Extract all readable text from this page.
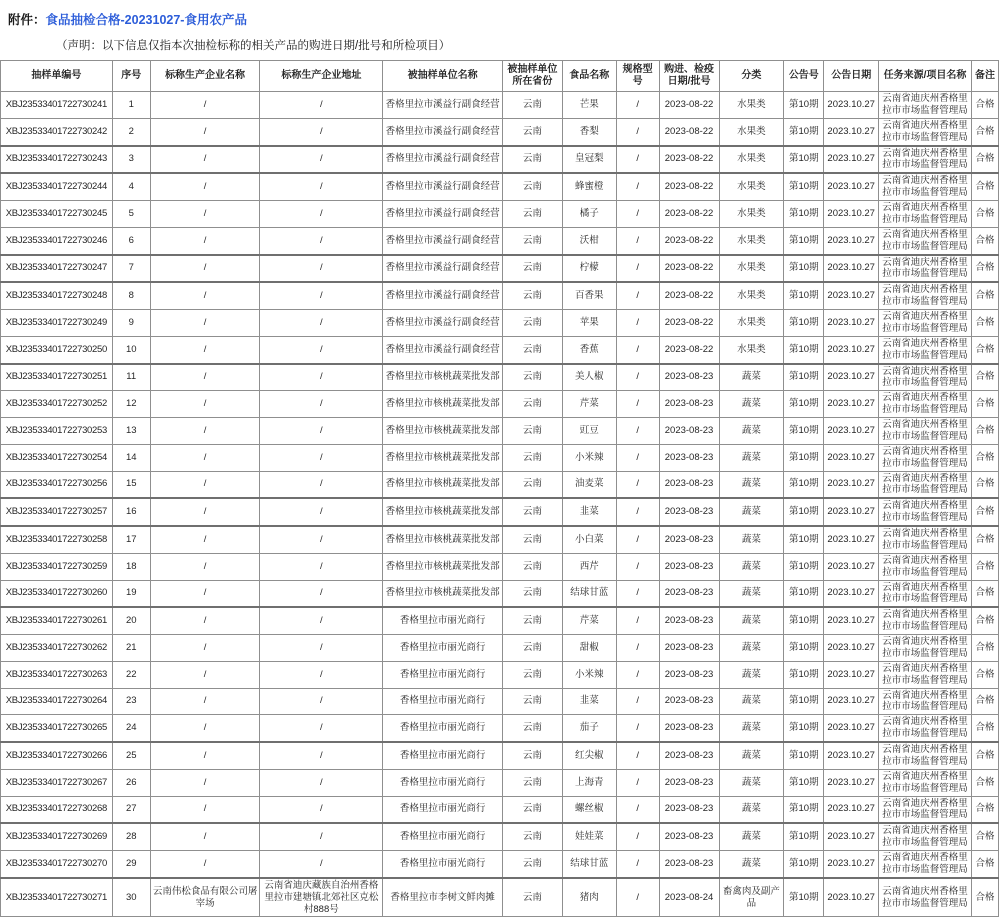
附件：食品抽检合格-20231027-食用农产品
（声明：以下信息仅指本次抽检标称的相关产品的购进日期/批号和所检项目）
抽样单编号	序号	标称生产企业名称	标称生产企业地址	被抽样单位名称	被抽样单位所在省份	食品名称	规格型号	购进、检疫日期/批号	分类	公告号	公告日期	任务来源/项目名称	备注
XBJ23533401722730241	1	/	/	香格里拉市溪益行副食经营	云南	芒果	/	2023-08-22	水果类	第10期	2023.10.27	云南省迪庆州香格里拉市市场监督管理局	合格
XBJ23533401722730242	2	/	/	香格里拉市溪益行副食经营	云南	香梨	/	2023-08-22	水果类	第10期	2023.10.27	云南省迪庆州香格里拉市市场监督管理局	合格
XBJ23533401722730243	3	/	/	香格里拉市溪益行副食经营	云南	皇冠梨	/	2023-08-22	水果类	第10期	2023.10.27	云南省迪庆州香格里拉市市场监督管理局	合格
XBJ23533401722730244	4	/	/	香格里拉市溪益行副食经营	云南	蜂蜜橙	/	2023-08-22	水果类	第10期	2023.10.27	云南省迪庆州香格里拉市市场监督管理局	合格
XBJ23533401722730245	5	/	/	香格里拉市溪益行副食经营	云南	橘子	/	2023-08-22	水果类	第10期	2023.10.27	云南省迪庆州香格里拉市市场监督管理局	合格
XBJ23533401722730246	6	/	/	香格里拉市溪益行副食经营	云南	沃柑	/	2023-08-22	水果类	第10期	2023.10.27	云南省迪庆州香格里拉市市场监督管理局	合格
XBJ23533401722730247	7	/	/	香格里拉市溪益行副食经营	云南	柠檬	/	2023-08-22	水果类	第10期	2023.10.27	云南省迪庆州香格里拉市市场监督管理局	合格
XBJ23533401722730248	8	/	/	香格里拉市溪益行副食经营	云南	百香果	/	2023-08-22	水果类	第10期	2023.10.27	云南省迪庆州香格里拉市市场监督管理局	合格
XBJ23533401722730249	9	/	/	香格里拉市溪益行副食经营	云南	苹果	/	2023-08-22	水果类	第10期	2023.10.27	云南省迪庆州香格里拉市市场监督管理局	合格
XBJ23533401722730250	10	/	/	香格里拉市溪益行副食经营	云南	香蕉	/	2023-08-22	水果类	第10期	2023.10.27	云南省迪庆州香格里拉市市场监督管理局	合格
XBJ23533401722730251	11	/	/	香格里拉市核桃蔬菜批发部	云南	美人椒	/	2023-08-23	蔬菜	第10期	2023.10.27	云南省迪庆州香格里拉市市场监督管理局	合格
XBJ23533401722730252	12	/	/	香格里拉市核桃蔬菜批发部	云南	芹菜	/	2023-08-23	蔬菜	第10期	2023.10.27	云南省迪庆州香格里拉市市场监督管理局	合格
XBJ23533401722730253	13	/	/	香格里拉市核桃蔬菜批发部	云南	豇豆	/	2023-08-23	蔬菜	第10期	2023.10.27	云南省迪庆州香格里拉市市场监督管理局	合格
XBJ23533401722730254	14	/	/	香格里拉市核桃蔬菜批发部	云南	小米辣	/	2023-08-23	蔬菜	第10期	2023.10.27	云南省迪庆州香格里拉市市场监督管理局	合格
XBJ23533401722730256	15	/	/	香格里拉市核桃蔬菜批发部	云南	油麦菜	/	2023-08-23	蔬菜	第10期	2023.10.27	云南省迪庆州香格里拉市市场监督管理局	合格
XBJ23533401722730257	16	/	/	香格里拉市核桃蔬菜批发部	云南	韭菜	/	2023-08-23	蔬菜	第10期	2023.10.27	云南省迪庆州香格里拉市市场监督管理局	合格
XBJ23533401722730258	17	/	/	香格里拉市核桃蔬菜批发部	云南	小白菜	/	2023-08-23	蔬菜	第10期	2023.10.27	云南省迪庆州香格里拉市市场监督管理局	合格
XBJ23533401722730259	18	/	/	香格里拉市核桃蔬菜批发部	云南	西芹	/	2023-08-23	蔬菜	第10期	2023.10.27	云南省迪庆州香格里拉市市场监督管理局	合格
XBJ23533401722730260	19	/	/	香格里拉市核桃蔬菜批发部	云南	结球甘蓝	/	2023-08-23	蔬菜	第10期	2023.10.27	云南省迪庆州香格里拉市市场监督管理局	合格
XBJ23533401722730261	20	/	/	香格里拉市丽光商行	云南	芹菜	/	2023-08-23	蔬菜	第10期	2023.10.27	云南省迪庆州香格里拉市市场监督管理局	合格
XBJ23533401722730262	21	/	/	香格里拉市丽光商行	云南	甜椒	/	2023-08-23	蔬菜	第10期	2023.10.27	云南省迪庆州香格里拉市市场监督管理局	合格
XBJ23533401722730263	22	/	/	香格里拉市丽光商行	云南	小米辣	/	2023-08-23	蔬菜	第10期	2023.10.27	云南省迪庆州香格里拉市市场监督管理局	合格
XBJ23533401722730264	23	/	/	香格里拉市丽光商行	云南	韭菜	/	2023-08-23	蔬菜	第10期	2023.10.27	云南省迪庆州香格里拉市市场监督管理局	合格
XBJ23533401722730265	24	/	/	香格里拉市丽光商行	云南	茄子	/	2023-08-23	蔬菜	第10期	2023.10.27	云南省迪庆州香格里拉市市场监督管理局	合格
XBJ23533401722730266	25	/	/	香格里拉市丽光商行	云南	红尖椒	/	2023-08-23	蔬菜	第10期	2023.10.27	云南省迪庆州香格里拉市市场监督管理局	合格
XBJ23533401722730267	26	/	/	香格里拉市丽光商行	云南	上海青	/	2023-08-23	蔬菜	第10期	2023.10.27	云南省迪庆州香格里拉市市场监督管理局	合格
XBJ23533401722730268	27	/	/	香格里拉市丽光商行	云南	螺丝椒	/	2023-08-23	蔬菜	第10期	2023.10.27	云南省迪庆州香格里拉市市场监督管理局	合格
XBJ23533401722730269	28	/	/	香格里拉市丽光商行	云南	娃娃菜	/	2023-08-23	蔬菜	第10期	2023.10.27	云南省迪庆州香格里拉市市场监督管理局	合格
XBJ23533401722730270	29	/	/	香格里拉市丽光商行	云南	结球甘蓝	/	2023-08-23	蔬菜	第10期	2023.10.27	云南省迪庆州香格里拉市市场监督管理局	合格
XBJ23533401722730271	30	云南伟松食品有限公司屠宰场	云南省迪庆藏族自治州香格里拉市建塘镇北郊社区克松村888号	香格里拉市李树文鲜肉摊	云南	猪肉	/	2023-08-24	畜禽肉及副产品	第10期	2023.10.27	云南省迪庆州香格里拉市市场监督管理局	合格
